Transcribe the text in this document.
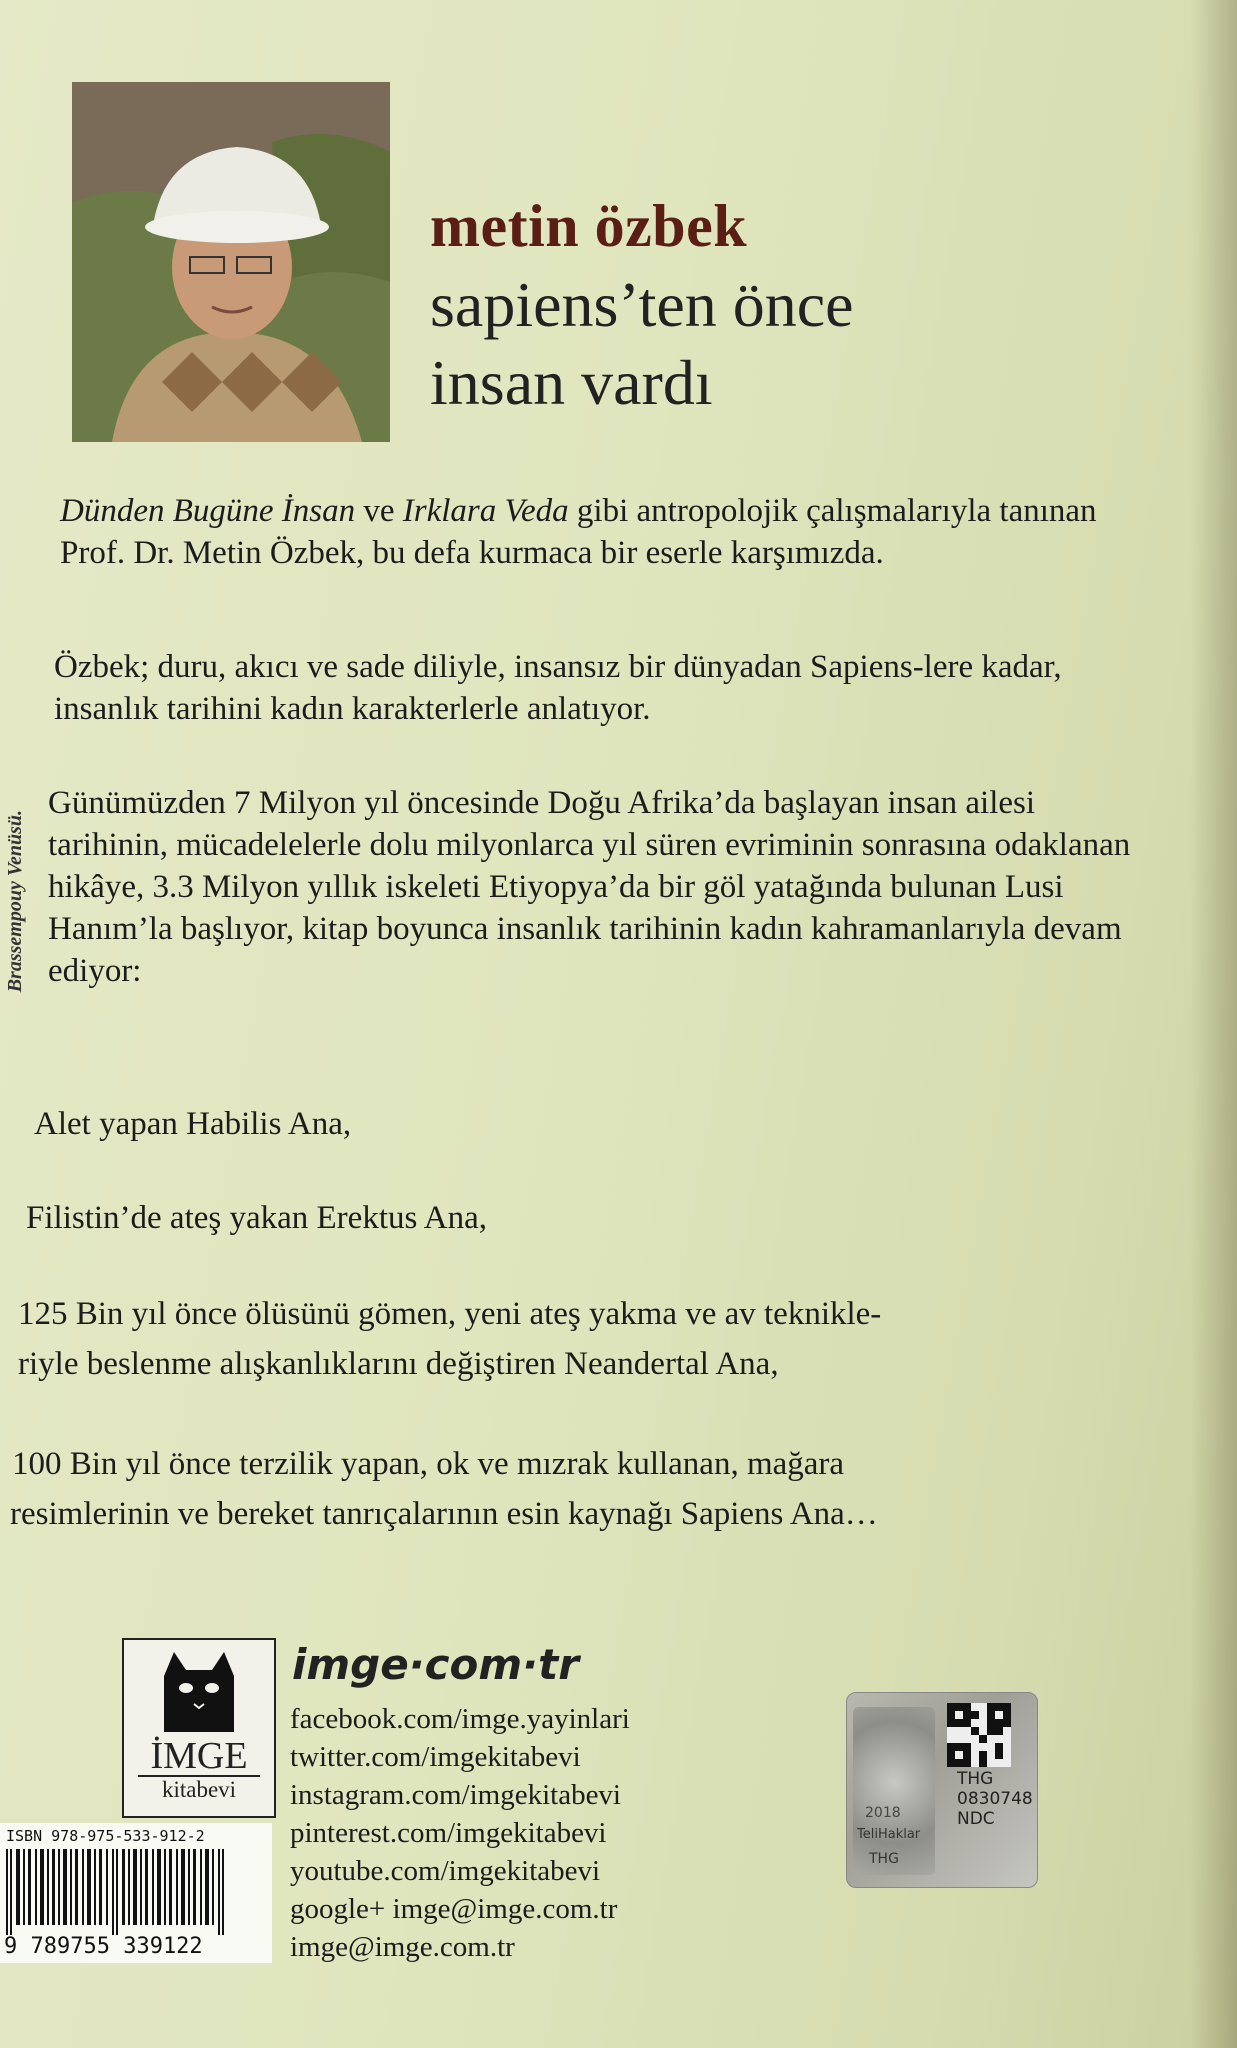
metin özbek
sapiens’ten önce
insan vardı
Dünden Bugüne İnsan ve Irklara Veda gibi antropolojik çalışmalarıyla tanınan Prof. Dr. Metin Özbek, bu defa kurmaca bir eserle karşımızda.
Özbek; duru, akıcı ve sade diliyle, insansız bir dünyadan Sapiens-lere kadar, insanlık tarihini kadın karakterlerle anlatıyor.
Günümüzden 7 Milyon yıl öncesinde Doğu Afrika’da başlayan insan ailesi tarihinin, mücadelelerle dolu milyonlarca yıl süren evriminin sonrasına odaklanan hikâye, 3.3 Milyon yıllık iskeleti Etiyopya’da bir göl yatağında bulunan Lusi Hanım’la başlıyor, kitap boyunca insanlık tarihinin kadın kahramanlarıyla devam ediyor:
Brassempouy Venüsü.
Alet yapan Habilis Ana,
Filistin’de ateş yakan Erektus Ana,
125 Bin yıl önce ölüsünü gömen, yeni ateş yakma ve av teknikle-
riyle beslenme alışkanlıklarını değiştiren Neandertal Ana,
100 Bin yıl önce terzilik yapan, ok ve mızrak kullanan, mağara
resimlerinin ve bereket tanrıçalarının esin kaynağı Sapiens Ana…
İMGE
kitabevi
imge·com·tr
facebook.com/imge.yayinlari
twitter.com/imgekitabevi
instagram.com/imgekitabevi
pinterest.com/imgekitabevi
youtube.com/imgekitabevi
google+ imge@imge.com.tr
imge@imge.com.tr
ISBN 978-975-533-912-2
9 789755 339122
2018
TeliHaklar
THG
THG
0830748
NDC
